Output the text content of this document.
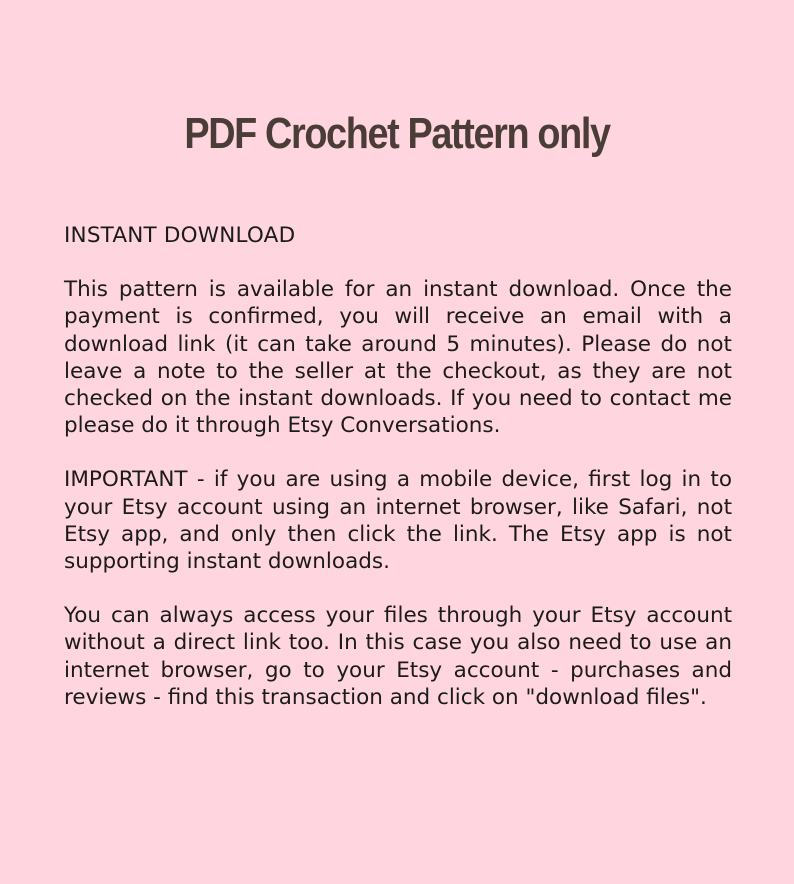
PDF Crochet Pattern only

INSTANT DOWNLOAD

This pattern is available for an instant download. Once the payment is confirmed, you will receive an email with a download link (it can take around 5 minutes). Please do not leave a note to the seller at the checkout, as they are not checked on the instant downloads. If you need to contact me please do it through Etsy Conversations.

IMPORTANT - if you are using a mobile device, first log in to your Etsy account using an internet browser, like Safari, not Etsy app, and only then click the link. The Etsy app is not supporting instant downloads.

You can always access your files through your Etsy account without a direct link too. In this case you also need to use an internet browser, go to your Etsy account - purchases and reviews - find this transaction and click on "download files".
